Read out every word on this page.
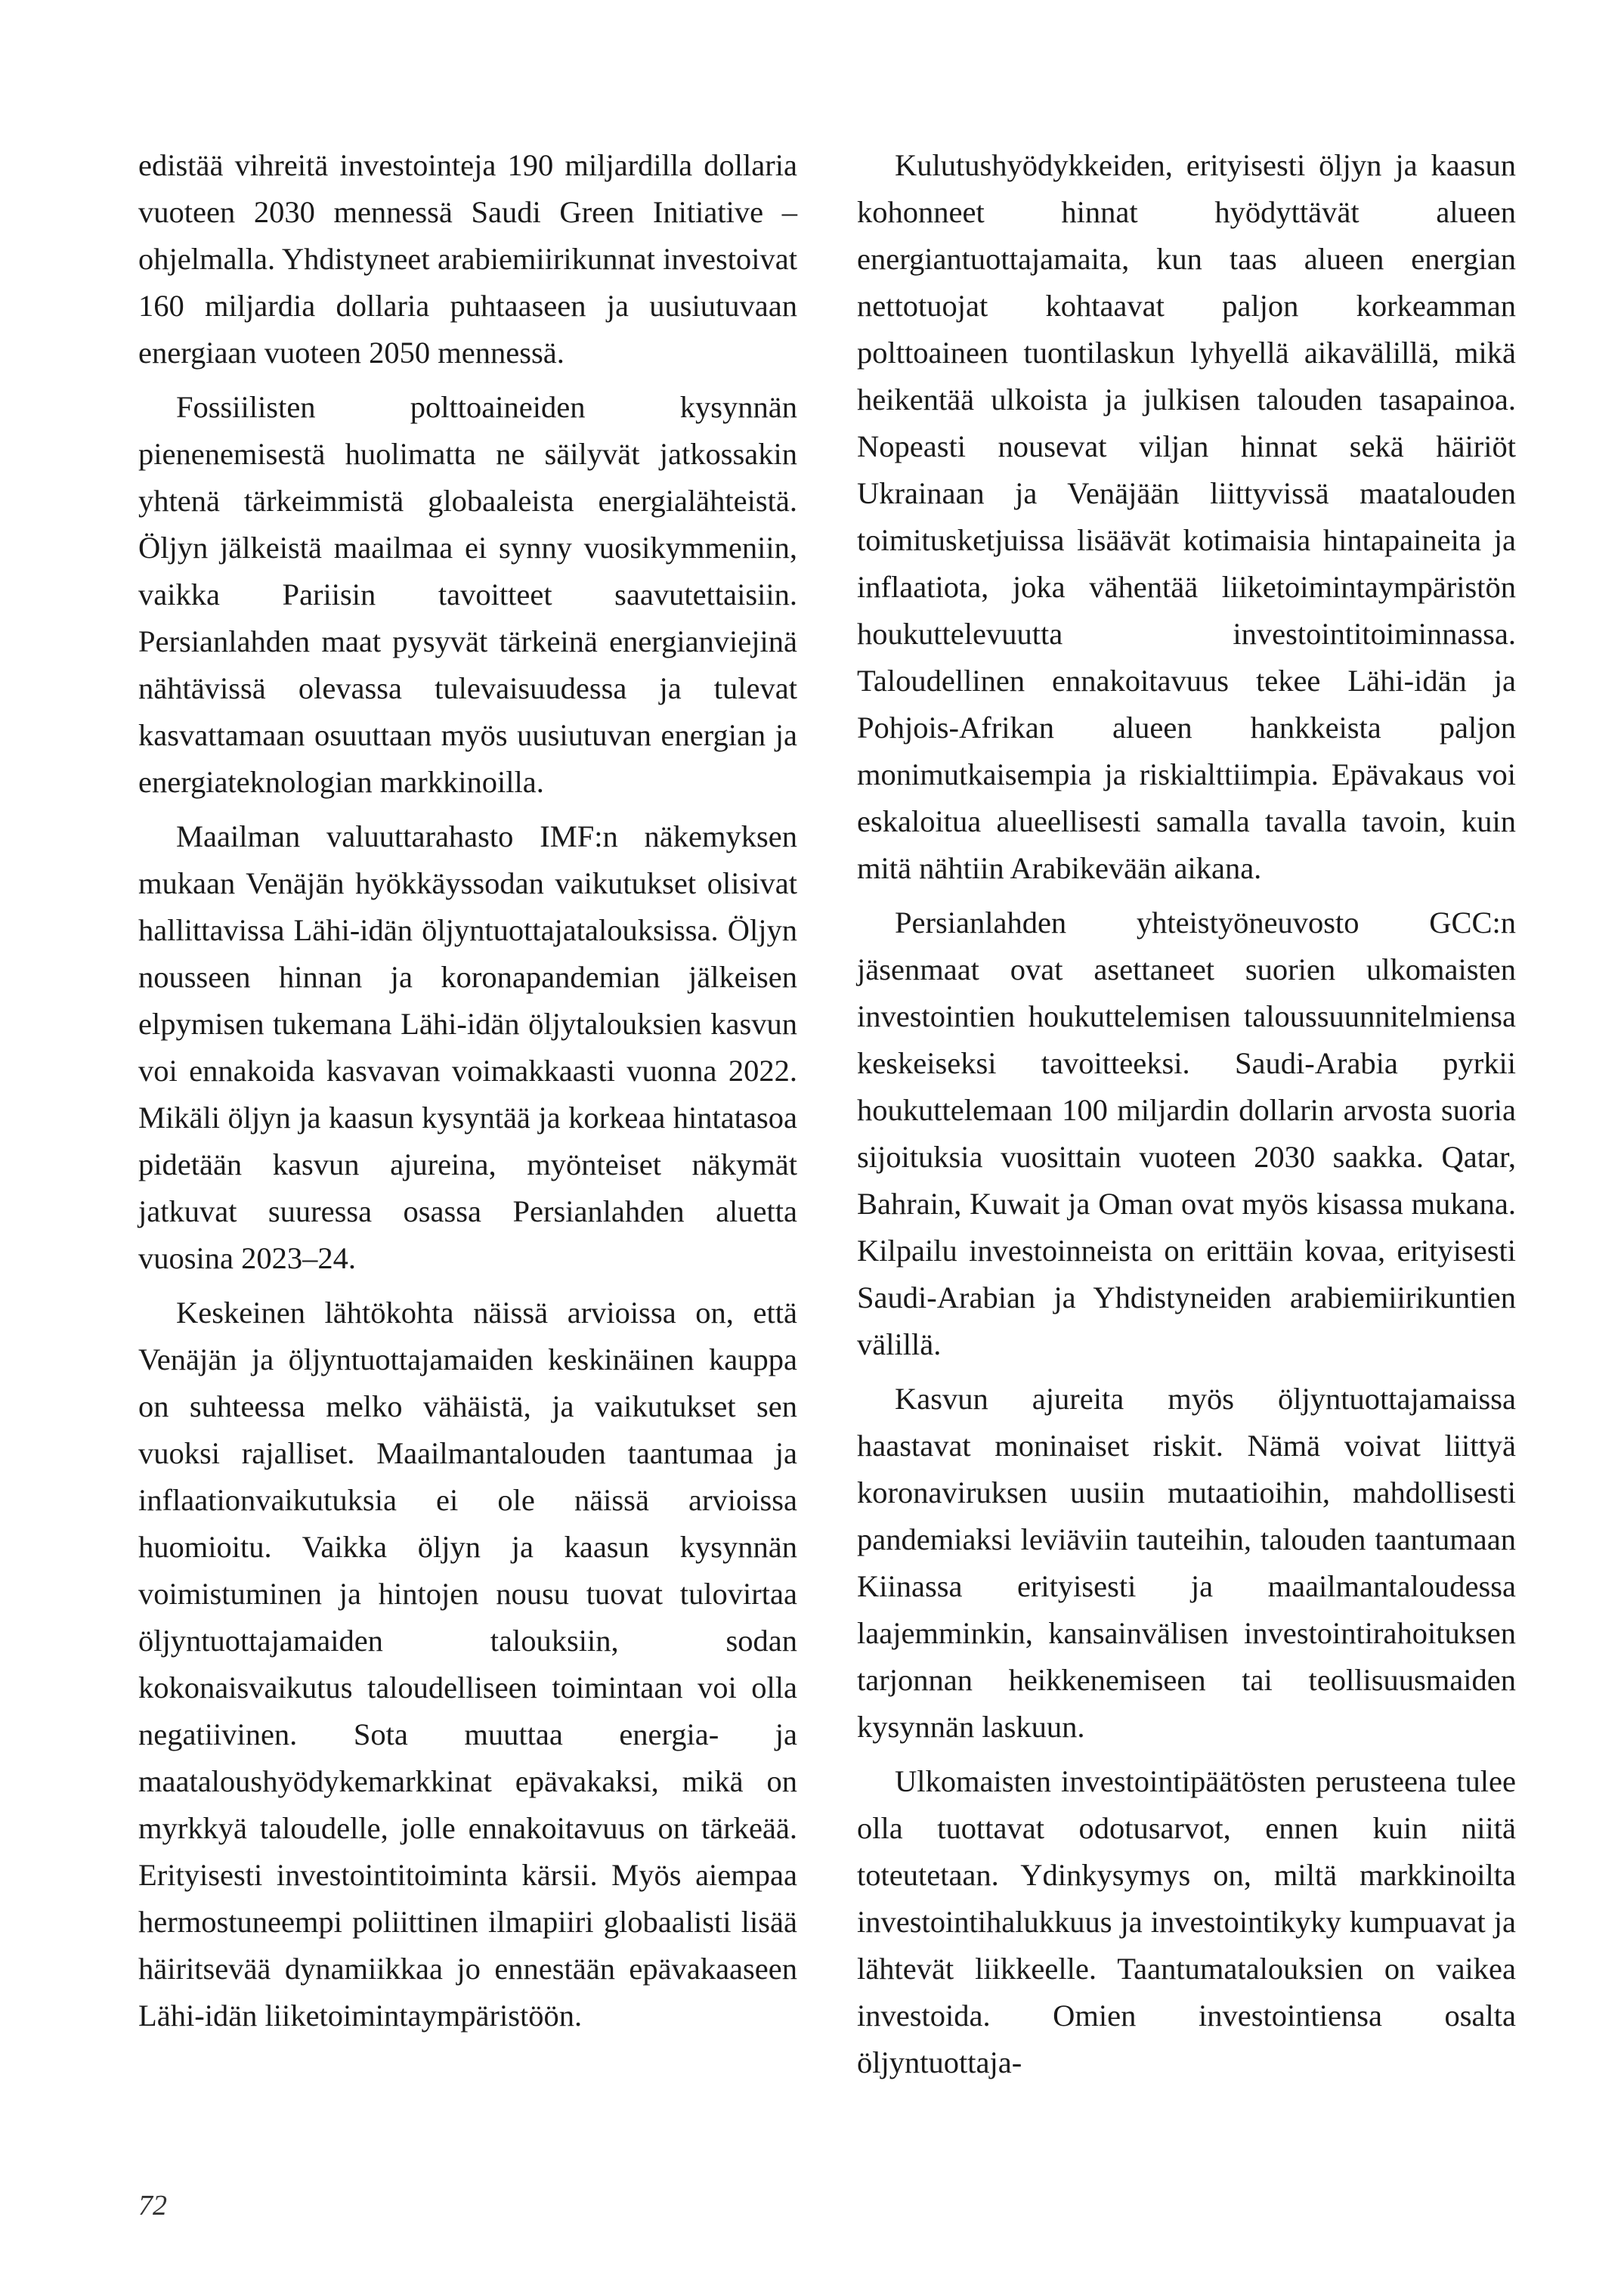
edistää vihreitä investointeja 190 miljardilla dollaria vuoteen 2030 mennessä Saudi Green Initiative –ohjelmalla. Yhdistyneet arabiemiirikunnat investoivat 160 miljardia dollaria puhtaaseen ja uusiutuvaan energiaan vuoteen 2050 mennessä.

Fossiilisten polttoaineiden kysynnän pienenemisestä huolimatta ne säilyvät jatkossakin yhtenä tärkeimmistä globaaleista energialähteistä. Öljyn jälkeistä maailmaa ei synny vuosikymmeniin, vaikka Pariisin tavoitteet saavutettaisiin. Persianlahden maat pysyvät tärkeinä energianviejinä nähtävissä olevassa tulevaisuudessa ja tulevat kasvattamaan osuuttaan myös uusiutuvan energian ja energiateknologian markkinoilla.

Maailman valuuttarahasto IMF:n näkemyksen mukaan Venäjän hyökkäyssodan vaikutukset olisivat hallittavissa Lähi-idän öljyntuottajatalouksissa. Öljyn nousseen hinnan ja koronapandemian jälkeisen elpymisen tukemana Lähi-idän öljytalouksien kasvun voi ennakoida kasvavan voimakkaasti vuonna 2022. Mikäli öljyn ja kaasun kysyntää ja korkeaa hintatasoa pidetään kasvun ajureina, myönteiset näkymät jatkuvat suuressa osassa Persianlahden aluetta vuosina 2023–24.

Keskeinen lähtökohta näissä arvioissa on, että Venäjän ja öljyntuottajamaiden keskinäinen kauppa on suhteessa melko vähäistä, ja vaikutukset sen vuoksi rajalliset. Maailmantalouden taantumaa ja inflaationvaikutuksia ei ole näissä arvioissa huomioitu. Vaikka öljyn ja kaasun kysynnän voimistuminen ja hintojen nousu tuovat tulovirtaa öljyntuottajamaiden talouksiin, sodan kokonaisvaikutus taloudelliseen toimintaan voi olla negatiivinen. Sota muuttaa energia- ja maataloushyödykemarkkinat epävakaksi, mikä on myrkkyä taloudelle, jolle ennakoitavuus on tärkeää. Erityisesti investointitoiminta kärsii. Myös aiempaa hermostuneempi poliittinen ilmapiiri globaalisti lisää häiritsevää dynamiikkaa jo ennestään epävakaaseen Lähi-idän liiketoimintaympäristöön.

Kulutushyödykkeiden, erityisesti öljyn ja kaasun kohonneet hinnat hyödyttävät alueen energiantuottajamaita, kun taas alueen energian nettotuojat kohtaavat paljon korkeamman polttoaineen tuontilaskun lyhyellä aikavälillä, mikä heikentää ulkoista ja julkisen talouden tasapainoa. Nopeasti nousevat viljan hinnat sekä häiriöt Ukrainaan ja Venäjään liittyvissä maatalouden toimitusketjuissa lisäävät kotimaisia hintapaineita ja inflaatiota, joka vähentää liiketoimintaympäristön houkuttelevuutta investointitoiminnassa. Taloudellinen ennakoitavuus tekee Lähi-idän ja Pohjois-Afrikan alueen hankkeista paljon monimutkaisempia ja riskialttiimpia. Epävakaus voi eskaloitua alueellisesti samalla tavalla tavoin, kuin mitä nähtiin Arabikevään aikana.

Persianlahden yhteistyöneuvosto GCC:n jäsenmaat ovat asettaneet suorien ulkomaisten investointien houkuttelemisen taloussuunnitelmiensa keskeiseksi tavoitteeksi. Saudi-Arabia pyrkii houkuttelemaan 100 miljardin dollarin arvosta suoria sijoituksia vuosittain vuoteen 2030 saakka. Qatar, Bahrain, Kuwait ja Oman ovat myös kisassa mukana. Kilpailu investoinneista on erittäin kovaa, erityisesti Saudi-Arabian ja Yhdistyneiden arabiemiirikuntien välillä.

Kasvun ajureita myös öljyntuottajamaissa haastavat moninaiset riskit. Nämä voivat liittyä koronaviruksen uusiin mutaatioihin, mahdollisesti pandemiaksi leviäviin tauteihin, talouden taantumaan Kiinassa erityisesti ja maailmantaloudessa laajemminkin, kansainvälisen investointirahoituksen tarjonnan heikkenemiseen tai teollisuusmaiden kysynnän laskuun.

Ulkomaisten investointipäätösten perusteena tulee olla tuottavat odotusarvot, ennen kuin niitä toteutetaan. Ydinkysymys on, miltä markkinoilta investointihalukkuus ja investointikyky kumpuavat ja lähtevät liikkeelle. Taantumatalouksien on vaikea investoida. Omien investointiensa osalta öljyntuottaja-

72
